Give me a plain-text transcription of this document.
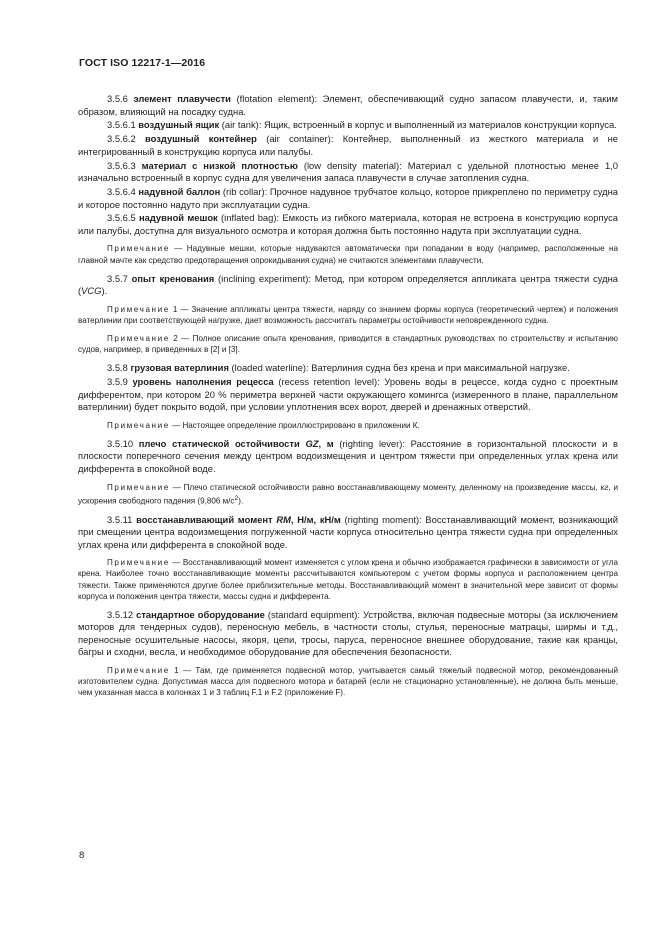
ГОСТ ISO 12217-1—2016

3.5.6 элемент плавучести (flotation element): Элемент, обеспечивающий судно запасом плавучести, и, таким образом, влияющий на посадку судна.

3.5.6.1 воздушный ящик (air tank): Ящик, встроенный в корпус и выполненный из материалов конструкции корпуса.

3.5.6.2 воздушный контейнер (air container): Контейнер, выполненный из жесткого материала и не интегрированный в конструкцию корпуса или палубы.

3.5.6.3 материал с низкой плотностью (low density material): Материал с удельной плотностью менее 1,0 изначально встроенный в корпус судна для увеличения запаса плавучести в случае затопления судна.

3.5.6.4 надувной баллон (rib collar): Прочное надувное трубчатое кольцо, которое прикреплено по периметру судна и которое постоянно надуто при эксплуатации судна.

3.5.6.5 надувной мешок (inflated bag): Емкость из гибкого материала, которая не встроена в конструкцию корпуса или палубы, доступна для визуального осмотра и которая должна быть постоянно надута при эксплуатации судна.

Примечание — Надувные мешки, которые надуваются автоматически при попадании в воду (например, расположенные на главной мачте как средство предотвращения опрокидывания судна) не считаются элементами плавучести.

3.5.7 опыт кренования (inclining experiment): Метод, при котором определяется аппликата центра тяжести судна (VCG).

Примечание 1 — Значение аппликаты центра тяжести, наряду со знанием формы корпуса (теоретический чертеж) и положения ватерлинии при соответствующей нагрузке, дает возможность рассчитать параметры остойчивости неповрежденного судна.

Примечание 2 — Полное описание опыта кренования, приводится в стандартных руководствах по строительству и испытанию судов, например, в приведенных в [2] и [3].

3.5.8 грузовая ватерлиния (loaded waterline): Ватерлиния судна без крена и при максимальной нагрузке.

3.5.9 уровень наполнения рецесса (recess retention level): Уровень воды в рецессе, когда судно с проектным дифферентом, при котором 20 % периметра верхней части окружающего комингса (измеренного в плане, параллельном ватерлинии) будет покрыто водой, при условии уплотнения всех ворот, дверей и дренажных отверстий.

Примечание — Настоящее определение проиллюстрировано в приложении К.

3.5.10 плечо статической остойчивости GZ, м (righting lever): Расстояние в горизонтальной плоскости и в плоскости поперечного сечения между центром водоизмещения и центром тяжести при определенных углах крена или дифферента в спокойной воде.

Примечание — Плечо статической остойчивости равно восстанавливающему моменту, деленному на произведение массы, кг, и ускорения свободного падения (9,806 $м/с^2$).

3.5.11 восстанавливающий момент RM, Н/м, кН/м (righting moment): Восстанавливающий момент, возникающий при смещении центра водоизмещения погруженной части корпуса относительно центра тяжести судна при определенных углах крена или дифферента в спокойной воде.

Примечание — Восстанавливающий момент изменяется с углом крена и обычно изображается графически в зависимости от угла крена. Наиболее точно восстанавливающие моменты рассчитываются компьютером с учетом формы корпуса и расположением центра тяжести. Также применяются другие более приблизительные методы. Восстанавливающий момент в значительной мере зависит от формы корпуса и положения центра тяжести, массы судна и дифферента.

3.5.12 стандартное оборудование (standard equipment): Устройства, включая подвесные моторы (за исключением моторов для тендерных судов), переносную мебель, в частности столы, стулья, переносные матрацы, ширмы и т.д., переносные осушительные насосы, якоря, цепи, тросы, паруса, переносное внешнее оборудование, такие как кранцы, багры и сходни, весла, и необходимое оборудование для обеспечения безопасности.

Примечание 1 — Там, где применяется подвесной мотор, учитывается самый тяжелый подвесной мотор, рекомендованный изготовителем судна. Допустимая масса для подвесного мотора и батарей (если не стационарно установленные), не должна быть меньше, чем указанная масса в колонках 1 и 3 таблиц F.1 и F.2 (приложение F).

8
